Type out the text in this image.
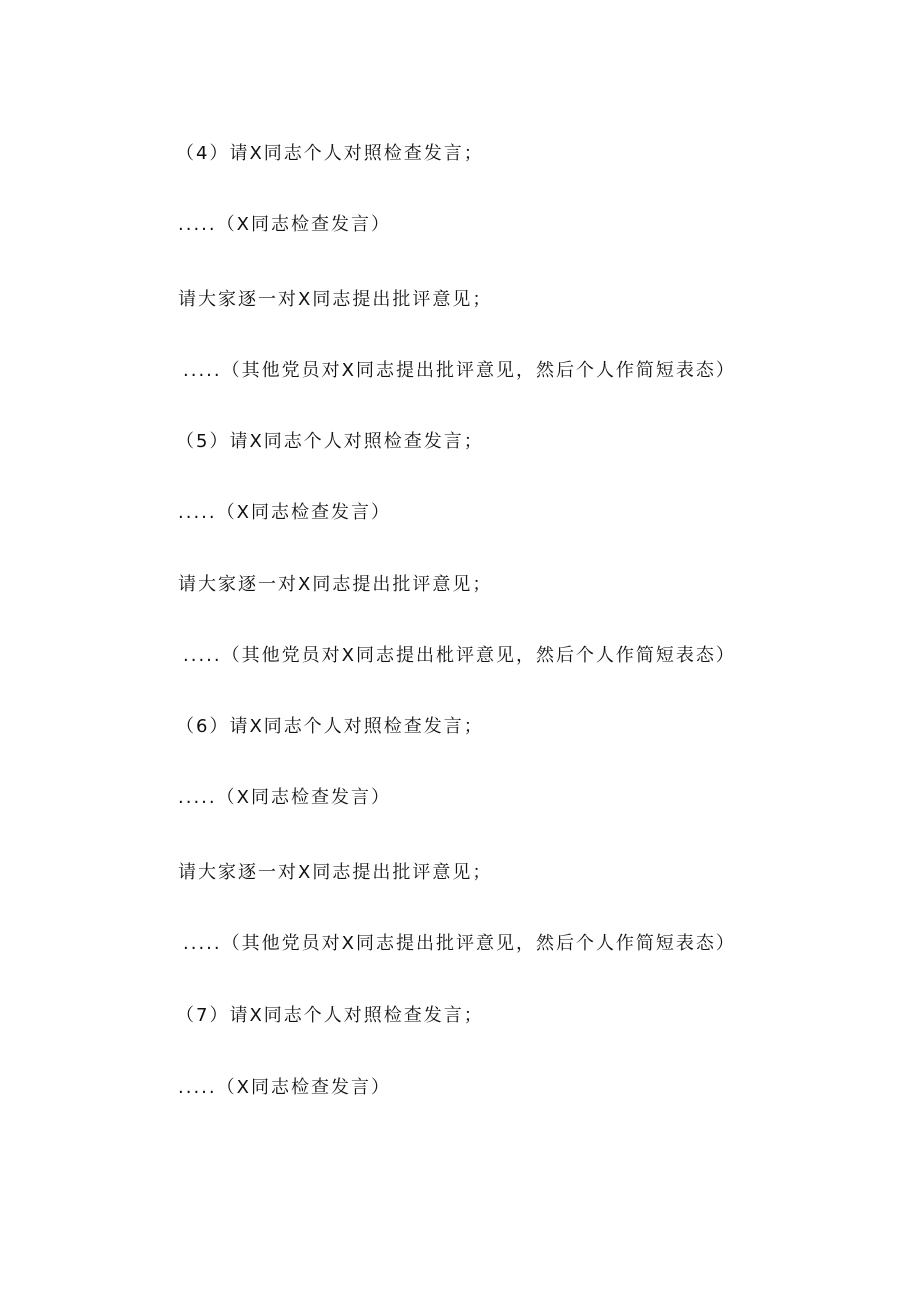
（4）请X同志个人对照检查发言；
.....（X同志检查发言）
请大家逐一对X同志提出批评意见；
.....（其他党员对X同志提出批评意见，然后个人作简短表态）
（5）请X同志个人对照检查发言；
.....（X同志检查发言）
请大家逐一对X同志提出批评意见；
.....（其他党员对X同志提出枇评意见，然后个人作简短表态）
（6）请X同志个人对照检查发言；
.....（X同志检查发言）
请大家逐一对X同志提出批评意见；
.....（其他党员对X同志提出批评意见，然后个人作简短表态）
（7）请X同志个人对照检查发言；
.....（X同志检查发言）
